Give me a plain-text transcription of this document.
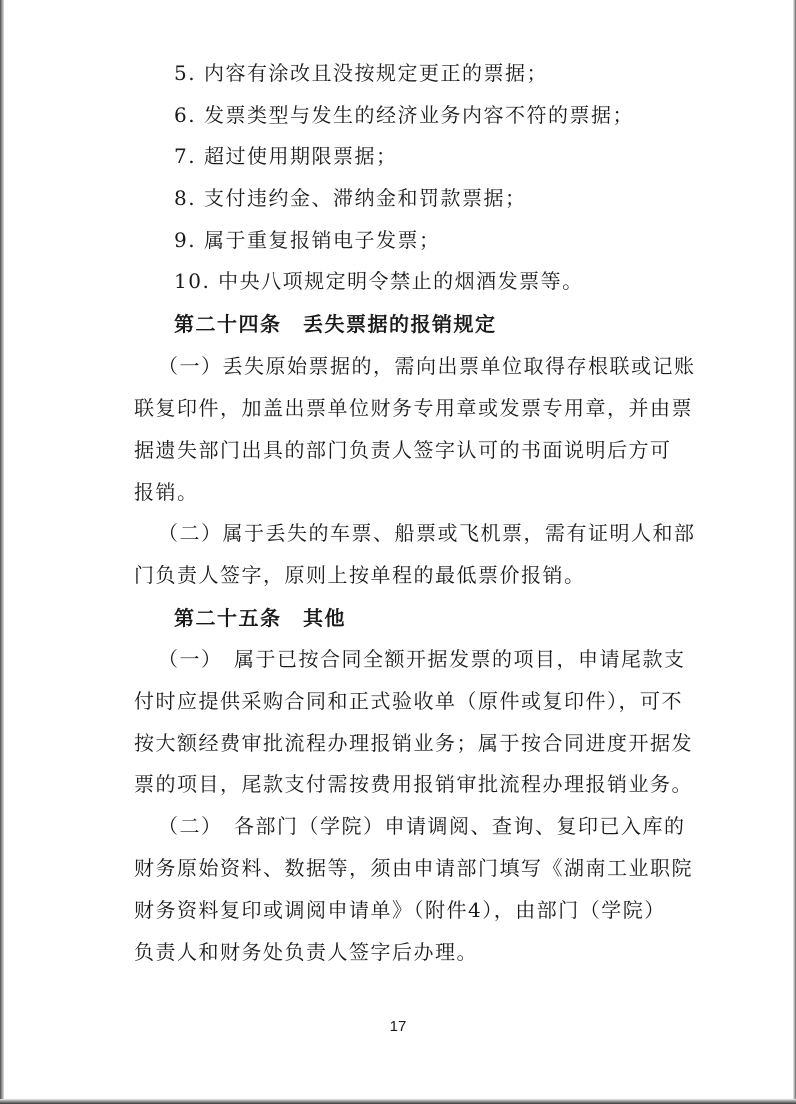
5. 内容有涂改且没按规定更正的票据；
6. 发票类型与发生的经济业务内容不符的票据；
7. 超过使用期限票据；
8. 支付违约金、滞纳金和罚款票据；
9. 属于重复报销电子发票；
10. 中央八项规定明令禁止的烟酒发票等。
第二十四条　丢失票据的报销规定
（一）丢失原始票据的，需向出票单位取得存根联或记账
联复印件，加盖出票单位财务专用章或发票专用章，并由票
据遗失部门出具的部门负责人签字认可的书面说明后方可
报销。
（二）属于丢失的车票、船票或飞机票，需有证明人和部
门负责人签字，原则上按单程的最低票价报销。
第二十五条　其他
（一）　属于已按合同全额开据发票的项目，申请尾款支
付时应提供采购合同和正式验收单（原件或复印件），可不
按大额经费审批流程办理报销业务；属于按合同进度开据发
票的项目，尾款支付需按费用报销审批流程办理报销业务。
（二）　各部门（学院）申请调阅、查询、复印已入库的
财务原始资料、数据等，须由申请部门填写《湖南工业职院
财务资料复印或调阅申请单》（附件4），由部门（学院）
负责人和财务处负责人签字后办理。
17
